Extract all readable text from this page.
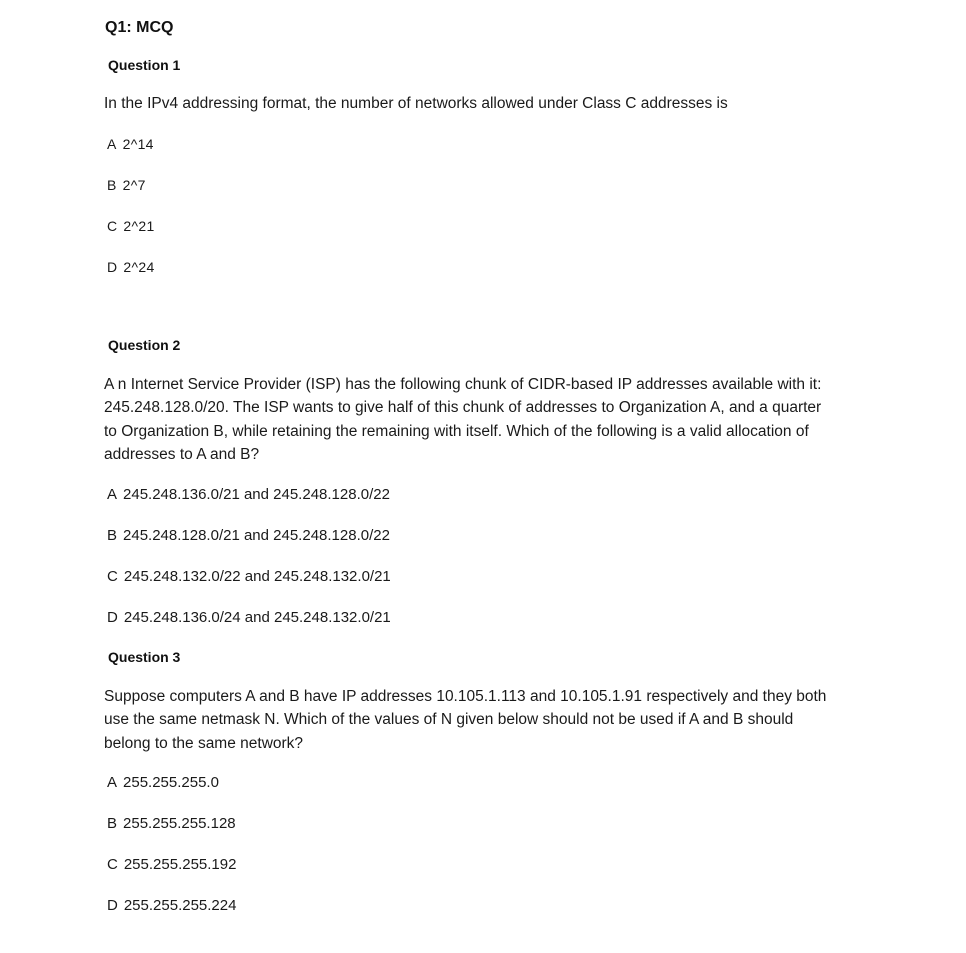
Q1: MCQ
Question 1
In the IPv4 addressing format, the number of networks allowed under Class C addresses is
A 2^14
B 2^7
C 2^21
D 2^24
Question 2
A n Internet Service Provider (ISP) has the following chunk of CIDR-based IP addresses available with it:
245.248.128.0/20. The ISP wants to give half of this chunk of addresses to Organization A, and a quarter
to Organization B, while retaining the remaining with itself. Which of the following is a valid allocation of
addresses to A and B?
A 245.248.136.0/21 and 245.248.128.0/22
B 245.248.128.0/21 and 245.248.128.0/22
C 245.248.132.0/22 and 245.248.132.0/21
D 245.248.136.0/24 and 245.248.132.0/21
Question 3
Suppose computers A and B have IP addresses 10.105.1.113 and 10.105.1.91 respectively and they both
use the same netmask N. Which of the values of N given below should not be used if A and B should
belong to the same network?
A 255.255.255.0
B 255.255.255.128
C 255.255.255.192
D 255.255.255.224
